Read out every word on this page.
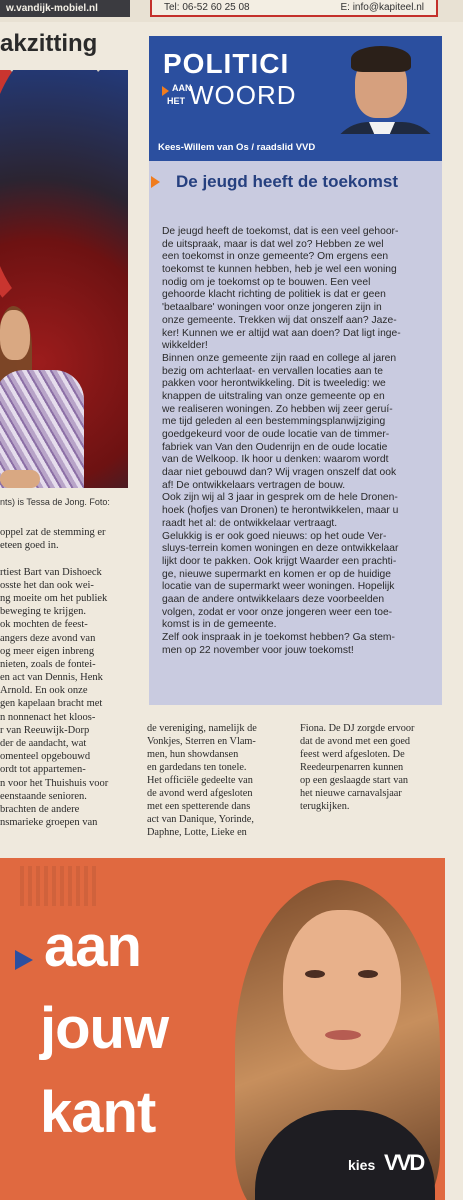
w.vandijk-mobiel.nl	Tel: 06-52 60 25 08	E: info@kapiteel.nl
akzitting
nts) is Tessa de Jong. Foto:
oppel zat de stemming er
eteen goed in.
rtiest Bart van Dishoeck
osste het dan ook wei-
ng moeite om het publiek
beweging te krijgen.
ok mochten de feest-
angers deze avond van
og meer eigen inbreng
nieten, zoals de fontei-
en act van Dennis, Henk
Arnold. En ook onze
gen kapelaan bracht met
n nonnenact het kloos-
r van Reeuwijk-Dorp
der de aandacht, wat
omenteel opgebouwd
ordt tot appartemen-
n voor het Thuishuis voor
eenstaande senioren.
brachten de andere
nsmarieke groepen van
POLITICI
AAN
HET WOORD
Kees-Willem van Os / raadslid VVD
De jeugd heeft de toekomst
De jeugd heeft de toekomst, dat is een veel gehoor-
de uitspraak, maar is dat wel zo? Hebben ze wel
een toekomst in onze gemeente? Om ergens een
toekomst te kunnen hebben, heb je wel een woning
nodig om je toekomst op te bouwen. Een veel
gehoorde klacht richting de politiek is dat er geen
'betaalbare' woningen voor onze jongeren zijn in
onze gemeente. Trekken wij dat onszelf aan? Jaze-
ker! Kunnen we er altijd wat aan doen? Dat ligt inge-
wikkelder!
Binnen onze gemeente zijn raad en college al jaren
bezig om achterlaat- en vervallen locaties aan te
pakken voor herontwikkeling. Dit is tweeledig: we
knappen de uitstraling van onze gemeente op en
we realiseren woningen. Zo hebben wij zeer geruí-
me tijd geleden al een bestemmingsplanwijziging
goedgekeurd voor de oude locatie van de timmer-
fabriek van Van den Oudenrijn en de oude locatie
van de Welkoop. Ik hoor u denken: waarom wordt
daar niet gebouwd dan? Wij vragen onszelf dat ook
af! De ontwikkelaars vertragen de bouw.
Ook zijn wij al 3 jaar in gesprek om de hele Dronen-
hoek (hofjes van Dronen) te herontwikkelen, maar u
raadt het al: de ontwikkelaar vertraagt.
Gelukkig is er ook goed nieuws: op het oude Ver-
sluys-terrein komen woningen en deze ontwikkelaar
lijkt door te pakken. Ook krijgt Waarder een prachti-
ge, nieuwe supermarkt en komen er op de huidige
locatie van de supermarkt weer woningen. Hopelijk
gaan de andere ontwikkelaars deze voorbeelden
volgen, zodat er voor onze jongeren weer een toe-
komst is in de gemeente.
Zelf ook inspraak in je toekomst hebben? Ga stem-
men op 22 november voor jouw toekomst!
de vereniging, namelijk de
Vonkjes, Sterren en Vlam-
men, hun showdansen
en gardedans ten tonele.
Het officiële gedeelte van
de avond werd afgesloten
met een spetterende dans
act van Danique, Yorinde,
Daphne, Lotte, Lieke en
Fiona. De DJ zorgde ervoor
dat de avond met een goed
feest werd afgesloten. De
Reedeurpenarren kunnen
op een geslaagde start van
het nieuwe carnavalsjaar
terugkijken.
aan
jouw
kant
kies VVD
